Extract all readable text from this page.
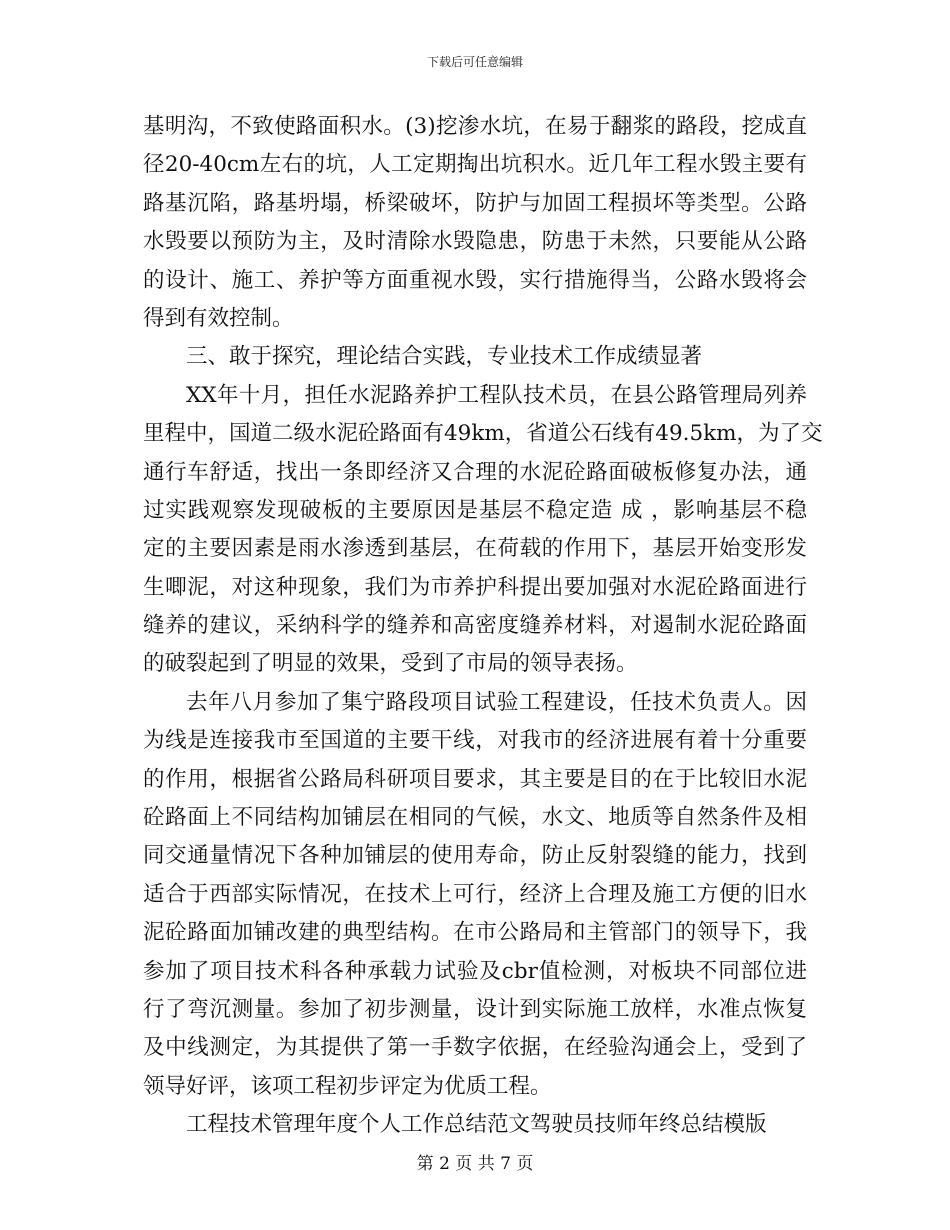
下载后可任意编辑
基明沟，不致使路面积水。(3)挖渗水坑，在易于翻浆的路段，挖成直
径20-40cm左右的坑，人工定期掏出坑积水。近几年工程水毁主要有
路基沉陷，路基坍塌，桥梁破坏，防护与加固工程损坏等类型。公路
水毁要以预防为主，及时清除水毁隐患，防患于未然，只要能从公路
的设计、施工、养护等方面重视水毁，实行措施得当，公路水毁将会
得到有效控制。
三、敢于探究，理论结合实践，专业技术工作成绩显著
XX年十月，担任水泥路养护工程队技术员，在县公路管理局列养
里程中，国道二级水泥砼路面有49km，省道公石线有49.5km，为了交
通行车舒适，找出一条即经济又合理的水泥砼路面破板修复办法，通
过实践观察发现破板的主要原因是基层不稳定造 成 ，影响基层不稳
定的主要因素是雨水渗透到基层，在荷载的作用下，基层开始变形发
生唧泥，对这种现象，我们为市养护科提出要加强对水泥砼路面进行
缝养的建议，采纳科学的缝养和高密度缝养材料，对遏制水泥砼路面
的破裂起到了明显的效果，受到了市局的领导表扬。
去年八月参加了集宁路段项目试验工程建设，任技术负责人。因
为线是连接我市至国道的主要干线，对我市的经济进展有着十分重要
的作用，根据省公路局科研项目要求，其主要是目的在于比较旧水泥
砼路面上不同结构加铺层在相同的气候，水文、地质等自然条件及相
同交通量情况下各种加铺层的使用寿命，防止反射裂缝的能力，找到
适合于西部实际情况，在技术上可行，经济上合理及施工方便的旧水
泥砼路面加铺改建的典型结构。在市公路局和主管部门的领导下，我
参加了项目技术科各种承载力试验及cbr值检测，对板块不同部位进
行了弯沉测量。参加了初步测量，设计到实际施工放样，水准点恢复
及中线测定，为其提供了第一手数字依据，在经验沟通会上，受到了
领导好评，该项工程初步评定为优质工程。
工程技术管理年度个人工作总结范文驾驶员技师年终总结模版
第 2 页 共 7 页
